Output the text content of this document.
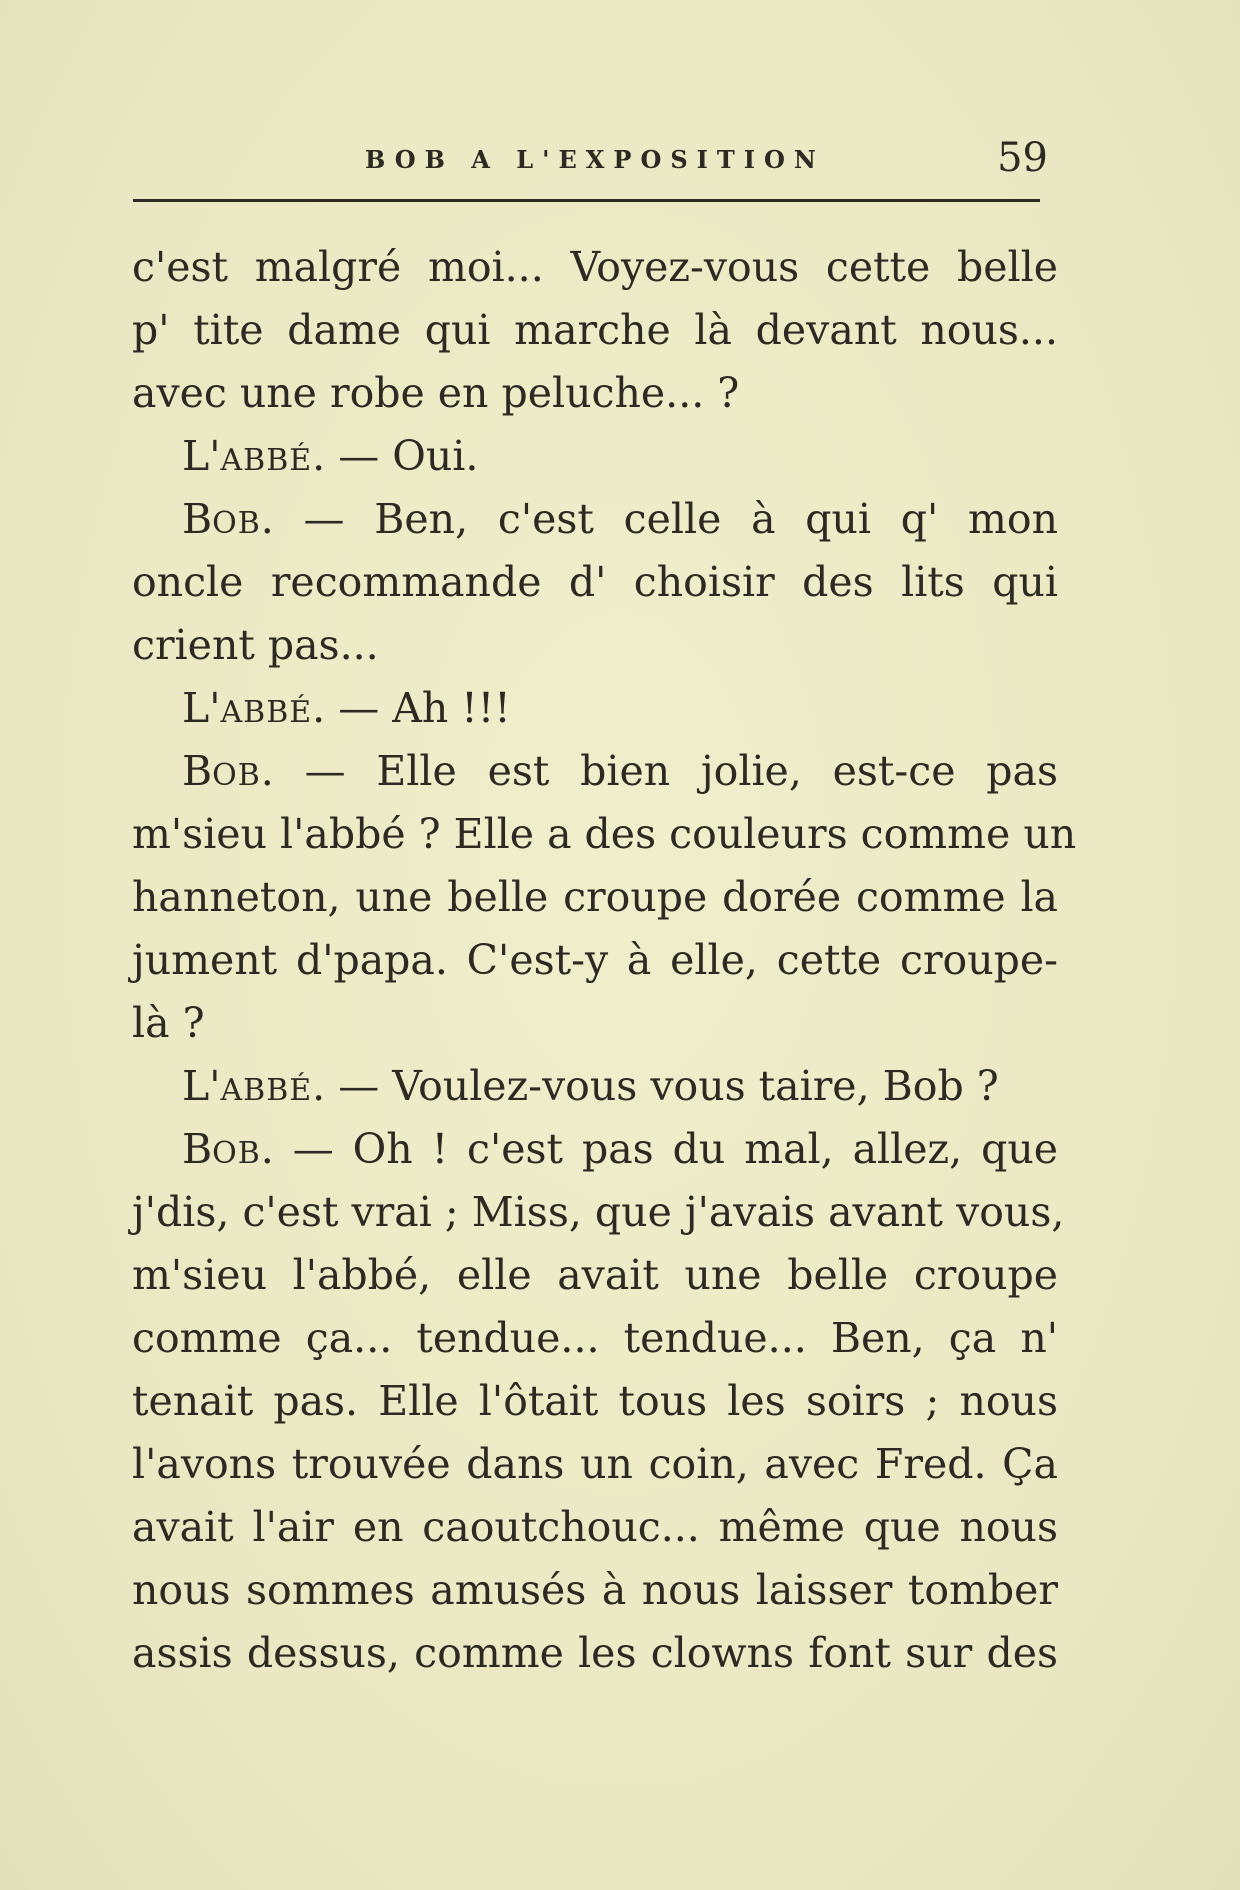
BOB A L'EXPOSITION	59
c'est malgré moi... Voyez-vous cette belle
p' tite dame qui marche là devant nous...
avec une robe en peluche... ?
L'ABBÉ. — Oui.
BOB. — Ben, c'est celle à qui q' mon
oncle recommande d' choisir des lits qui
crient pas...
L'ABBÉ. — Ah !!!
BOB. — Elle est bien jolie, est-ce pas
m'sieu l'abbé ? Elle a des couleurs comme un
hanneton, une belle croupe dorée comme la
jument d'papa. C'est-y à elle, cette croupe-
là ?
L'ABBÉ. — Voulez-vous vous taire, Bob ?
BOB. — Oh ! c'est pas du mal, allez, que
j'dis, c'est vrai ; Miss, que j'avais avant vous,
m'sieu l'abbé, elle avait une belle croupe
comme ça... tendue... tendue... Ben, ça n'
tenait pas. Elle l'ôtait tous les soirs ; nous
l'avons trouvée dans un coin, avec Fred. Ça
avait l'air en caoutchouc... même que nous
nous sommes amusés à nous laisser tomber
assis dessus, comme les clowns font sur des
